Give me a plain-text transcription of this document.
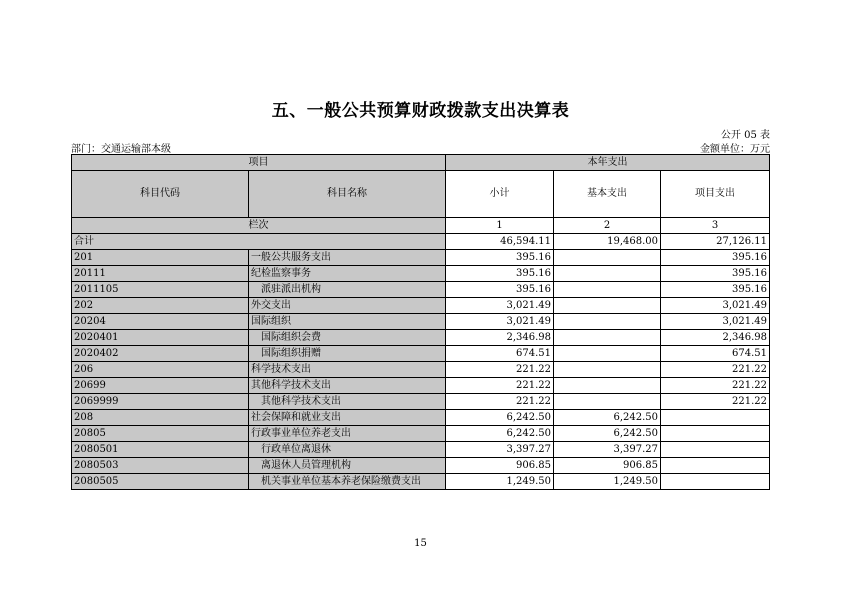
五、一般公共预算财政拨款支出决算表
公开 05 表
部门：交通运输部本级	金额单位：万元
项目		本年支出		
科目代码	科目名称	小计	基本支出	项目支出
栏次		1	2	3
合计		46,594.11	19,468.00	27,126.11
201	一般公共服务支出	395.16		395.16
20111	纪检监察事务	395.16		395.16
2011105	派驻派出机构	395.16		395.16
202	外交支出	3,021.49		3,021.49
20204	国际组织	3,021.49		3,021.49
2020401	国际组织会费	2,346.98		2,346.98
2020402	国际组织捐赠	674.51		674.51
206	科学技术支出	221.22		221.22
20699	其他科学技术支出	221.22		221.22
2069999	其他科学技术支出	221.22		221.22
208	社会保障和就业支出	6,242.50	6,242.50	
20805	行政事业单位养老支出	6,242.50	6,242.50	
2080501	行政单位离退休	3,397.27	3,397.27	
2080503	离退休人员管理机构	906.85	906.85	
2080505	机关事业单位基本养老保险缴费支出	1,249.50	1,249.50	
15
